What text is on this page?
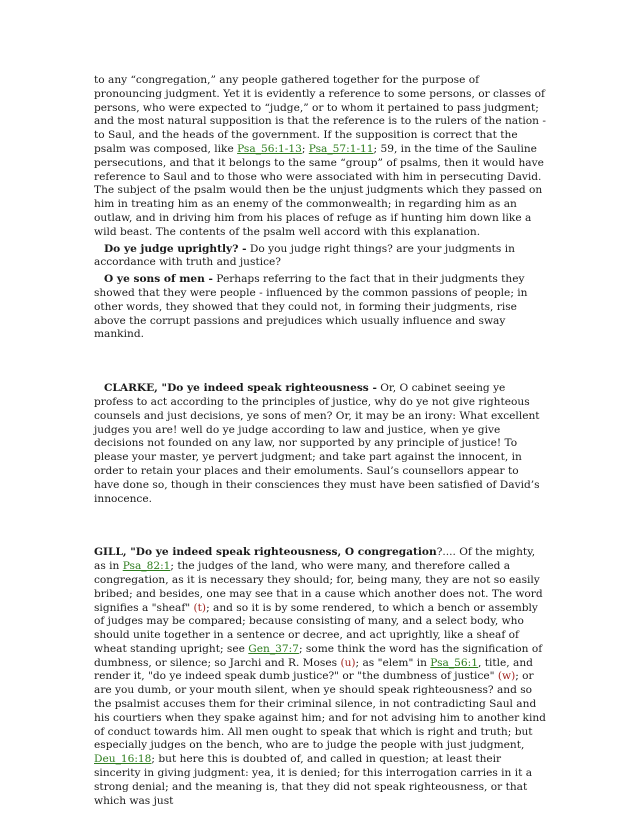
to any “congregation,” any people gathered together for the purpose of pronouncing judgment. Yet it is evidently a reference to some persons, or classes of persons, who were expected to “judge,” or to whom it pertained to pass judgment; and the most natural supposition is that the reference is to the rulers of the nation - to Saul, and the heads of the government. If the supposition is correct that the psalm was composed, like Psa_56:1-13; Psa_57:1-11; 59, in the time of the Sauline persecutions, and that it belongs to the same “group” of psalms, then it would have reference to Saul and to those who were associated with him in persecuting David. The subject of the psalm would then be the unjust judgments which they passed on him in treating him as an enemy of the commonwealth; in regarding him as an outlaw, and in driving him from his places of refuge as if hunting him down like a wild beast. The contents of the psalm well accord with this explanation.

Do ye judge uprightly? - Do you judge right things? are your judgments in accordance with truth and justice?

O ye sons of men - Perhaps referring to the fact that in their judgments they showed that they were people - influenced by the common passions of people; in other words, they showed that they could not, in forming their judgments, rise above the corrupt passions and prejudices which usually influence and sway mankind.

CLARKE, "Do ye indeed speak righteousness - Or, O cabinet seeing ye profess to act according to the principles of justice, why do ye not give righteous counsels and just decisions, ye sons of men? Or, it may be an irony: What excellent judges you are! well do ye judge according to law and justice, when ye give decisions not founded on any law, nor supported by any principle of justice! To please your master, ye pervert judgment; and take part against the innocent, in order to retain your places and their emoluments. Saul’s counsellors appear to have done so, though in their consciences they must have been satisfied of David’s innocence.

GILL, "Do ye indeed speak righteousness, O congregation?.... Of the mighty, as in Psa_82:1; the judges of the land, who were many, and therefore called a congregation, as it is necessary they should; for, being many, they are not so easily bribed; and besides, one may see that in a cause which another does not. The word signifies a "sheaf" (t); and so it is by some rendered, to which a bench or assembly of judges may be compared; because consisting of many, and a select body, who should unite together in a sentence or decree, and act uprightly, like a sheaf of wheat standing upright; see Gen_37:7; some think the word has the signification of dumbness, or silence; so Jarchi and R. Moses (u); as "elem" in Psa_56:1, title, and render it, "do ye indeed speak dumb justice?" or "the dumbness of justice" (w); or are you dumb, or your mouth silent, when ye should speak righteousness? and so the psalmist accuses them for their criminal silence, in not contradicting Saul and his courtiers when they spake against him; and for not advising him to another kind of conduct towards him. All men ought to speak that which is right and truth; but especially judges on the bench, who are to judge the people with just judgment, Deu_16:18; but here this is doubted of, and called in question; at least their sincerity in giving judgment: yea, it is denied; for this interrogation carries in it a strong denial; and the meaning is, that they did not speak righteousness, or that which was just
